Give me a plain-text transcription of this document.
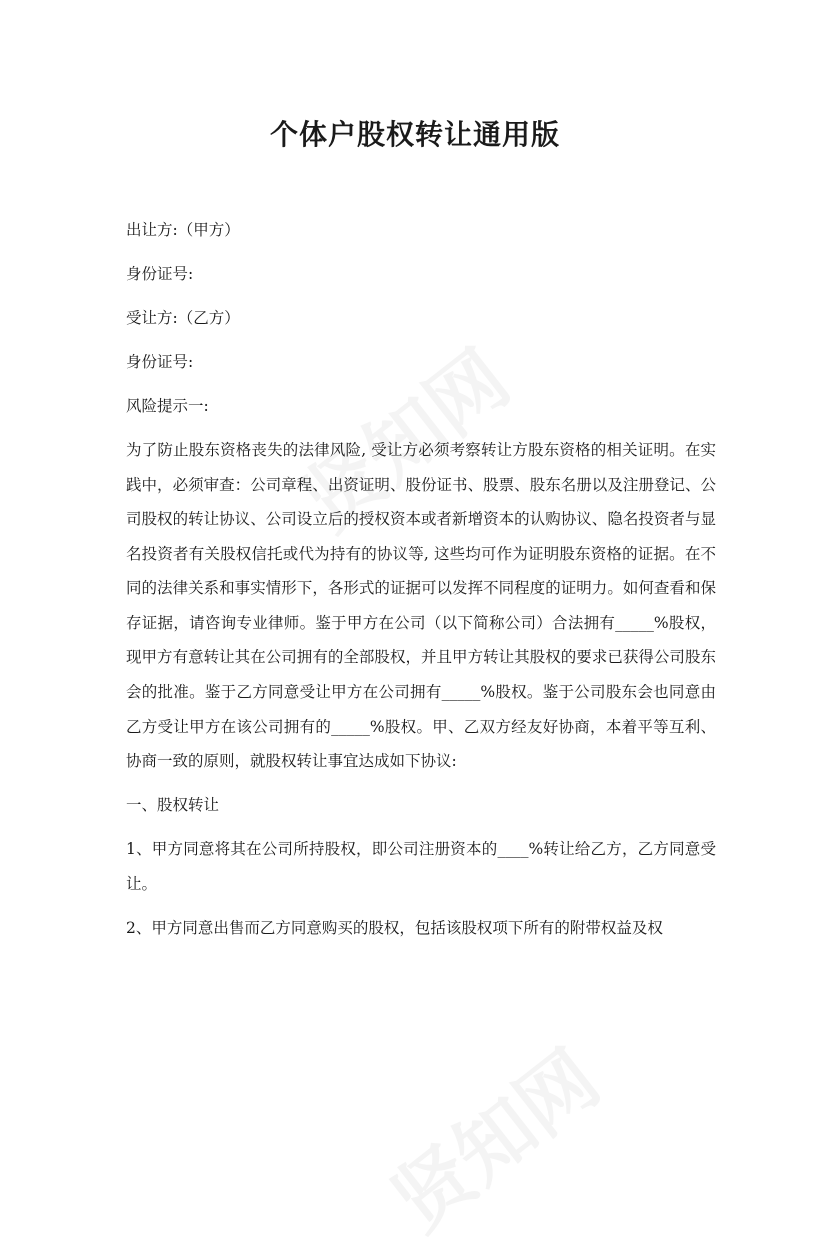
个体户股权转让通用版

出让方:（甲方）

身份证号:

受让方:（乙方）

身份证号:

风险提示一:

为了防止股东资格丧失的法律风险, 受让方必须考察转让方股东资格的相关证明。在实践中，必须审查：公司章程、出资证明、股份证书、股票、股东名册以及注册登记、公司股权的转让协议、公司设立后的授权资本或者新增资本的认购协议、隐名投资者与显名投资者有关股权信托或代为持有的协议等, 这些均可作为证明股东资格的证据。在不同的法律关系和事实情形下，各形式的证据可以发挥不同程度的证明力。如何查看和保存证据，请咨询专业律师。鉴于甲方在公司（以下简称公司）合法拥有_____%股权，现甲方有意转让其在公司拥有的全部股权，并且甲方转让其股权的要求已获得公司股东会的批准。鉴于乙方同意受让甲方在公司拥有_____%股权。鉴于公司股东会也同意由乙方受让甲方在该公司拥有的_____%股权。甲、乙双方经友好协商，本着平等互利、协商一致的原则，就股权转让事宜达成如下协议:

一、股权转让

1、甲方同意将其在公司所持股权，即公司注册资本的____%转让给乙方，乙方同意受让。

2、甲方同意出售而乙方同意购买的股权，包括该股权项下所有的附带权益及权
